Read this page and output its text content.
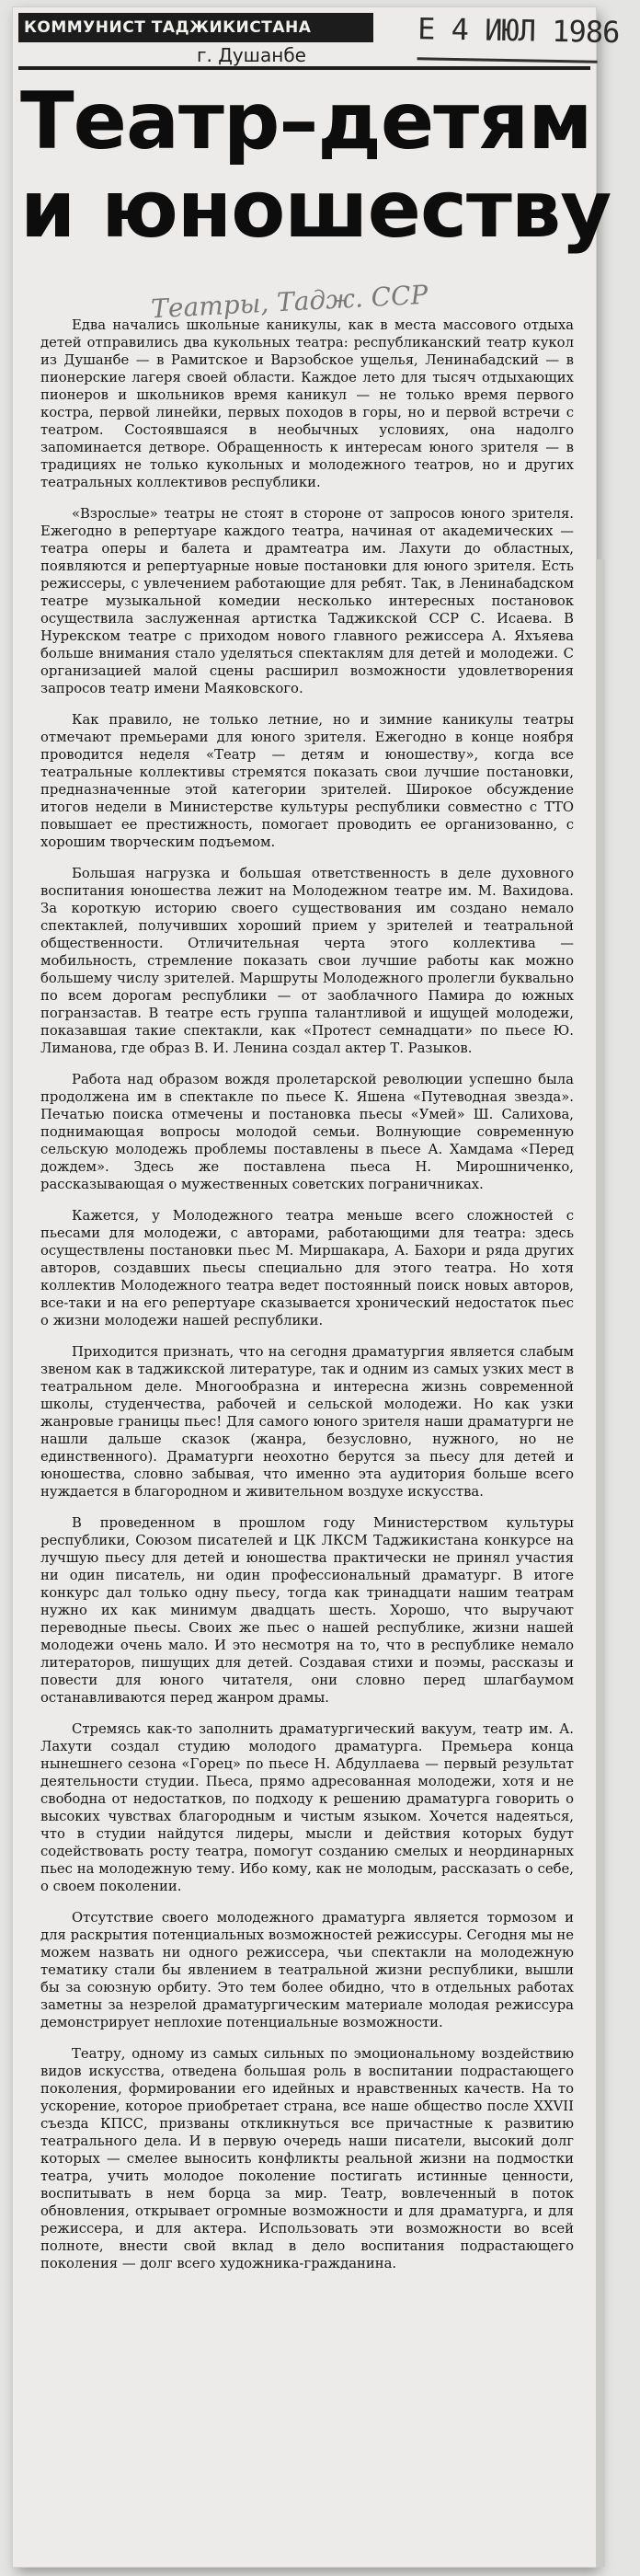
КОММУНИСТ ТАДЖИКИСТАНА	Е 4 ИЮЛ 1986
г. Душанбе
Театр–детям
и юношеству
Театры, Тадж. ССР

Едва начались школьные каникулы, как в места массового отдыха детей отправились два кукольных театра: республиканский театр кукол из Душанбе — в Рамитское и Варзобское ущелья, Ленинабадский — в пионерские лагеря своей области. Каждое лето для тысяч отдыхающих пионеров и школьников время каникул — не только время первого костра, первой линейки, первых походов в горы, но и первой встречи с театром. Состоявшаяся в необычных условиях, она надолго запоминается детворе. Обращенность к интересам юного зрителя — в традициях не только кукольных и молодежного театров, но и других театральных коллективов республики.

«Взрослые» театры не стоят в стороне от запросов юного зрителя. Ежегодно в репертуаре каждого театра, начиная от академических — театра оперы и балета и драмтеатра им. Лахути до областных, появляются и репертуарные новые постановки для юного зрителя. Есть режиссеры, с увлечением работающие для ребят. Так, в Ленинабадском театре музыкальной комедии несколько интересных постановок осуществила заслуженная артистка Таджикской ССР С. Исаева. В Нурекском театре с приходом нового главного режиссера А. Яхъяева больше внимания стало уделяться спектаклям для детей и молодежи. С организацией малой сцены расширил возможности удовлетворения запросов театр имени Маяковского.

Как правило, не только летние, но и зимние каникулы театры отмечают премьерами для юного зрителя. Ежегодно в конце ноября проводится неделя «Театр — детям и юношеству», когда все театральные коллективы стремятся показать свои лучшие постановки, предназначенные этой категории зрителей. Широкое обсуждение итогов недели в Министерстве культуры республики совместно с ТТО повышает ее престижность, помогает проводить ее организованно, с хорошим творческим подъемом.

Большая нагрузка и большая ответственность в деле духовного воспитания юношества лежит на Молодежном театре им. М. Вахидова. За короткую историю своего существования им создано немало спектаклей, получивших хороший прием у зрителей и театральной общественности. Отличительная черта этого коллектива — мобильность, стремление показать свои лучшие работы как можно большему числу зрителей. Маршруты Молодежного пролегли буквально по всем дорогам республики — от заоблачного Памира до южных погранзастав. В театре есть группа талантливой и ищущей молодежи, показавшая такие спектакли, как «Протест семнадцати» по пьесе Ю. Лиманова, где образ В. И. Ленина создал актер Т. Разыков.

Работа над образом вождя пролетарской революции успешно была продолжена им в спектакле по пьесе К. Яшена «Путеводная звезда». Печатью поиска отмечены и постановка пьесы «Умей» Ш. Салихова, поднимающая вопросы молодой семьи. Волнующие современную сельскую молодежь проблемы поставлены в пьесе А. Хамдама «Перед дождем». Здесь же поставлена пьеса Н. Мирошниченко, рассказывающая о мужественных советских пограничниках.

Кажется, у Молодежного театра меньше всего сложностей с пьесами для молодежи, с авторами, работающими для театра: здесь осуществлены постановки пьес М. Миршакара, А. Бахори и ряда других авторов, создавших пьесы специально для этого театра. Но хотя коллектив Молодежного театра ведет постоянный поиск новых авторов, все-таки и на его репертуаре сказывается хронический недостаток пьес о жизни молодежи нашей республики.

Приходится признать, что на сегодня драматургия является слабым звеном как в таджикской литературе, так и одним из самых узких мест в театральном деле. Многообразна и интересна жизнь современной школы, студенчества, рабочей и сельской молодежи. Но как узки жанровые границы пьес! Для самого юного зрителя наши драматурги не нашли дальше сказок (жанра, безусловно, нужного, но не единственного). Драматурги неохотно берутся за пьесу для детей и юношества, словно забывая, что именно эта аудитория больше всего нуждается в благородном и живительном воздухе искусства.

В проведенном в прошлом году Министерством культуры республики, Союзом писателей и ЦК ЛКСМ Таджикистана конкурсе на лучшую пьесу для детей и юношества практически не принял участия ни один писатель, ни один профессиональный драматург. В итоге конкурс дал только одну пьесу, тогда как тринадцати нашим театрам нужно их как минимум двадцать шесть. Хорошо, что выручают переводные пьесы. Своих же пьес о нашей республике, жизни нашей молодежи очень мало. И это несмотря на то, что в республике немало литераторов, пишущих для детей. Создавая стихи и поэмы, рассказы и повести для юного читателя, они словно перед шлагбаумом останавливаются перед жанром драмы.

Стремясь как-то заполнить драматургический вакуум, театр им. А. Лахути создал студию молодого драматурга. Премьера конца нынешнего сезона «Горец» по пьесе Н. Абдуллаева — первый результат деятельности студии. Пьеса, прямо адресованная молодежи, хотя и не свободна от недостатков, по подходу к решению драматурга говорить о высоких чувствах благородным и чистым языком. Хочется надеяться, что в студии найдутся лидеры, мысли и действия которых будут содействовать росту театра, помогут созданию смелых и неординарных пьес на молодежную тему. Ибо кому, как не молодым, рассказать о себе, о своем поколении.

Отсутствие своего молодежного драматурга является тормозом и для раскрытия потенциальных возможностей режиссуры. Сегодня мы не можем назвать ни одного режиссера, чьи спектакли на молодежную тематику стали бы явлением в театральной жизни республики, вышли бы за союзную орбиту. Это тем более обидно, что в отдельных работах заметны за незрелой драматургическим материале молодая режиссура демонстрирует неплохие потенциальные возможности.

Театру, одному из самых сильных по эмоциональному воздействию видов искусства, отведена большая роль в воспитании подрастающего поколения, формировании его идейных и нравственных качеств. На то ускорение, которое приобретает страна, все наше общество после XXVII съезда КПСС, призваны откликнуться все причастные к развитию театрального дела. И в первую очередь наши писатели, высокий долг которых — смелее выносить конфликты реальной жизни на подмостки театра, учить молодое поколение постигать истинные ценности, воспитывать в нем борца за мир. Театр, вовлеченный в поток обновления, открывает огромные возможности и для драматурга, и для режиссера, и для актера. Использовать эти возможности во всей полноте, внести свой вклад в дело воспитания подрастающего поколения — долг всего художника-гражданина.
